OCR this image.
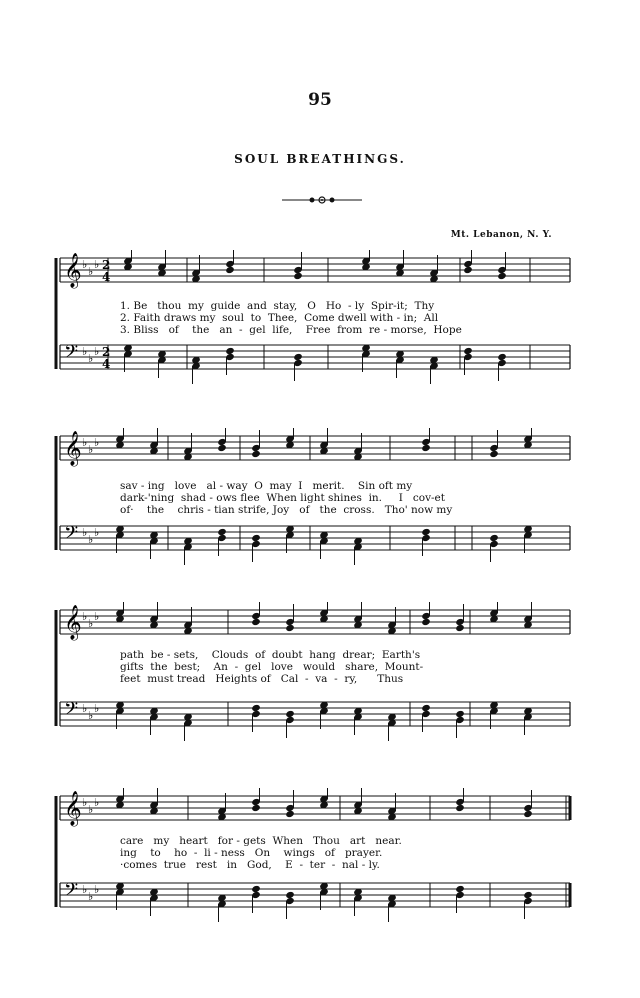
95
SOUL BREATHINGS.
Mt. Lebanon, N. Y.
𝄞 ♭
♭
♭ 2
4
𝄢 ♭
♭
♭ 2
4
1. Be   thou  my  guide  and  stay,   O   Ho  - ly  Spir-it;  Thy
2. Faith draws my  soul  to  Thee,  Come dwell with - in;  All
3. Bliss   of    the   an  -  gel  life,    Free  from  re - morse,  Hope
𝄞 ♭
♭
♭
𝄢 ♭
♭
♭
sav - ing   love   al - way  O  may  I   merit.    Sin oft my
dark-'ning  shad - ows flee  When light shines  in.     I   cov-et
of·    the    chris - tian strife, Joy   of   the  cross.   Tho' now my
𝄞 ♭
♭
♭
𝄢 ♭
♭
♭
path  be - sets,    Clouds  of  doubt  hang  drear;  Earth's
gifts  the  best;    An  -  gel   love   would   share,  Mount-
feet  must tread   Heights of   Cal  -  va  -  ry,      Thus
𝄞 ♭
♭
♭
𝄢 ♭
♭
♭
care   my   heart   for - gets  When   Thou   art   near.
ing    to    ho  -  li - ness   On    wings   of   prayer.
·comes  true   rest   in   God,    E  -  ter  -  nal - ly.
